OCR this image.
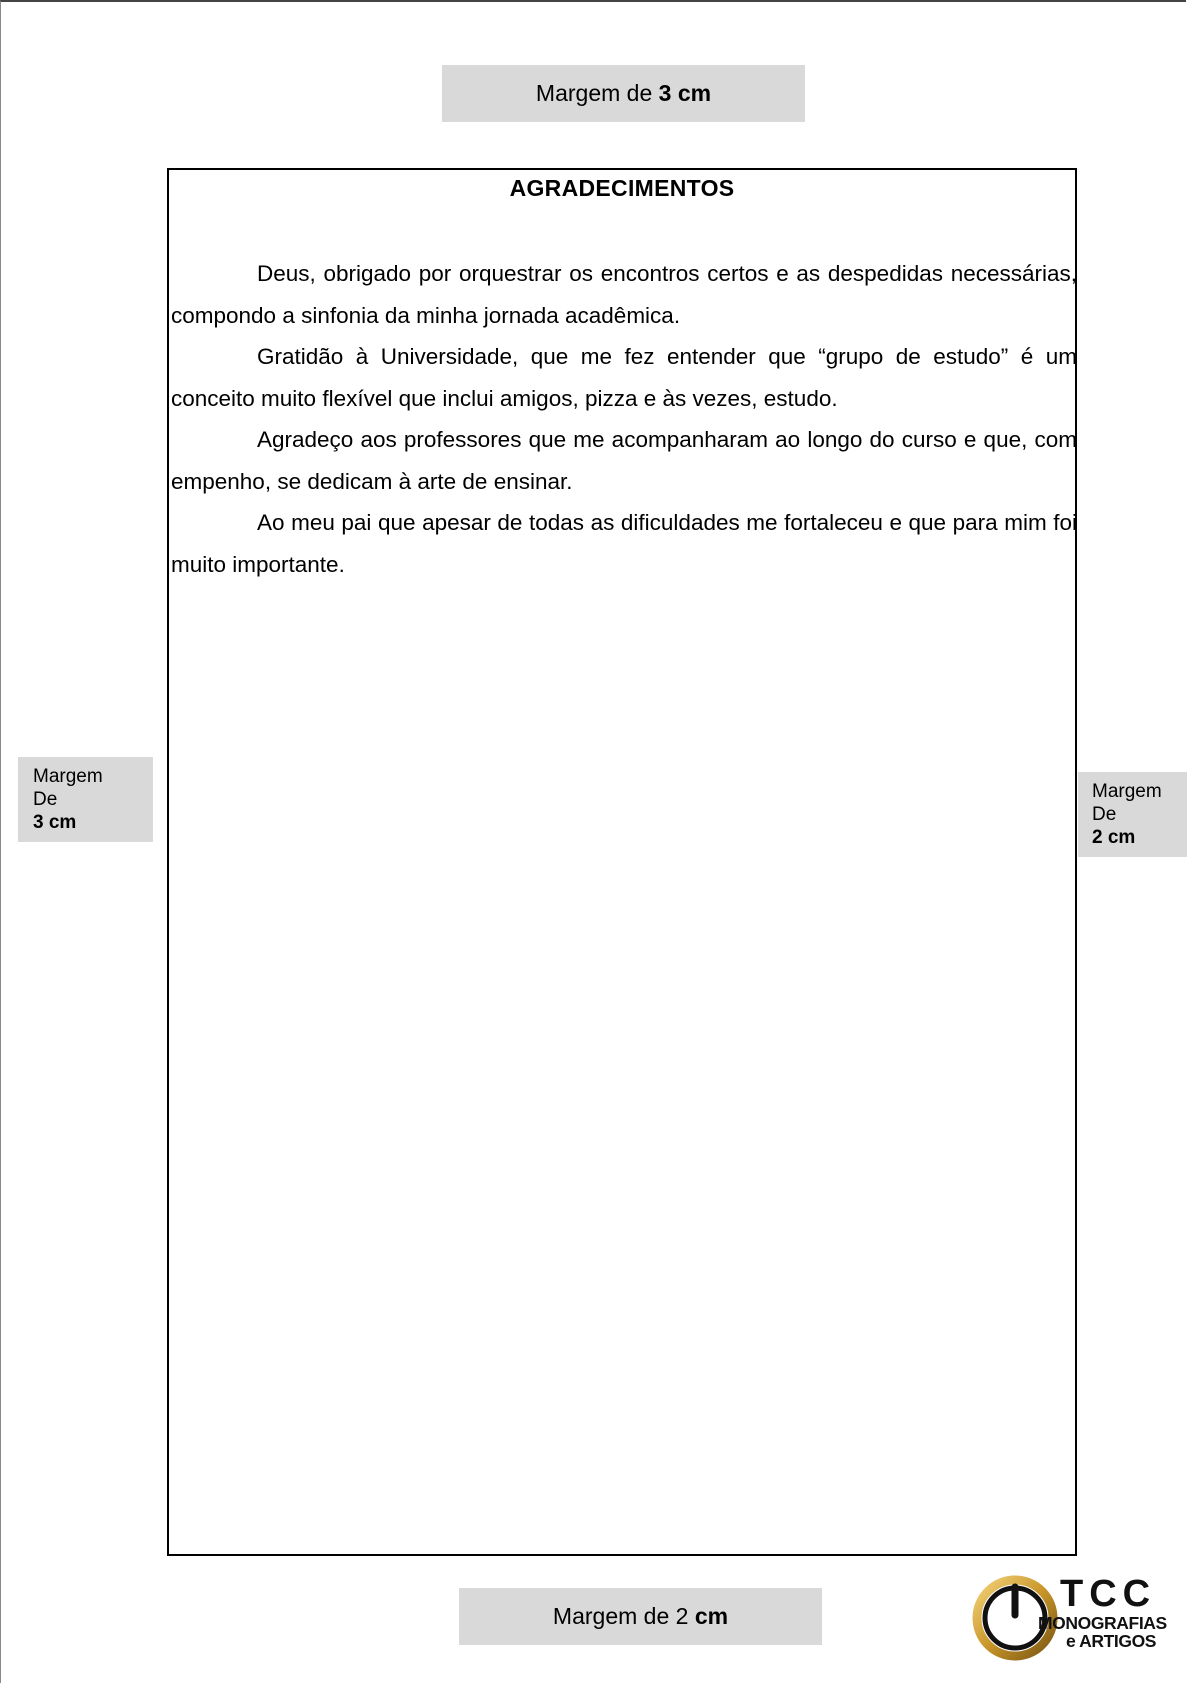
Margem de 3 cm
AGRADECIMENTOS

Deus, obrigado por orquestrar os encontros certos e as despedidas necessárias, compondo a sinfonia da minha jornada acadêmica.

Gratidão à Universidade, que me fez entender que “grupo de estudo” é um conceito muito flexível que inclui amigos, pizza e às vezes, estudo.

Agradeço aos professores que me acompanharam ao longo do curso e que, com empenho, se dedicam à arte de ensinar.

Ao meu pai que apesar de todas as dificuldades me fortaleceu e que para mim foi muito importante.

Margem
De
3 cm
Margem
De
2 cm
Margem de 2 cm
TCC
MONOGRAFIAS
e ARTIGOS
